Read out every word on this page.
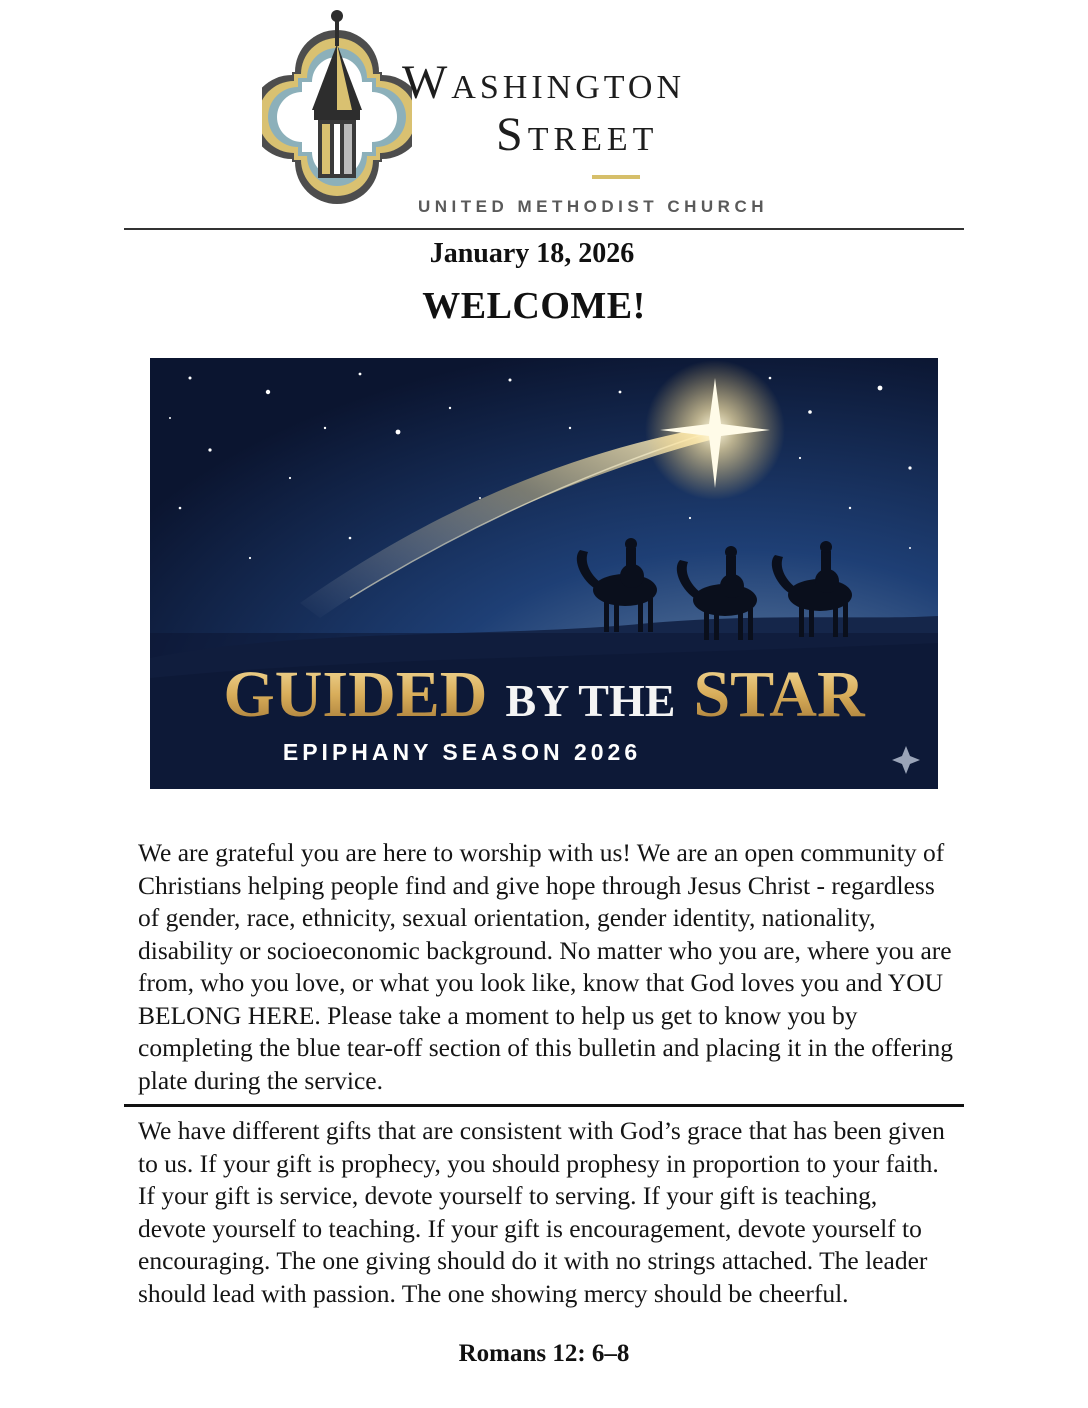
Washington
Street
UNITED METHODIST CHURCH
January 18, 2026
WELCOME!
GUIDED BY THE STAR
EPIPHANY SEASON 2026

We are grateful you are here to worship with us! We are an open community of Christians helping people find and give hope through Jesus Christ - regardless of gender, race, ethnicity, sexual orientation, gender identity, nationality, disability or socioeconomic background. No matter who you are, where you are from, who you love, or what you look like, know that God loves you and YOU BELONG HERE. Please take a moment to help us get to know you by completing the blue tear-off section of this bulletin and placing it in the offering plate during the service.

We have different gifts that are consistent with God’s grace that has been given to us. If your gift is prophecy, you should prophesy in proportion to your faith. If your gift is service, devote yourself to serving. If your gift is teaching, devote yourself to teaching. If your gift is encouragement, devote yourself to encouraging. The one giving should do it with no strings attached. The leader should lead with passion. The one showing mercy should be cheerful.

Romans 12: 6–8
